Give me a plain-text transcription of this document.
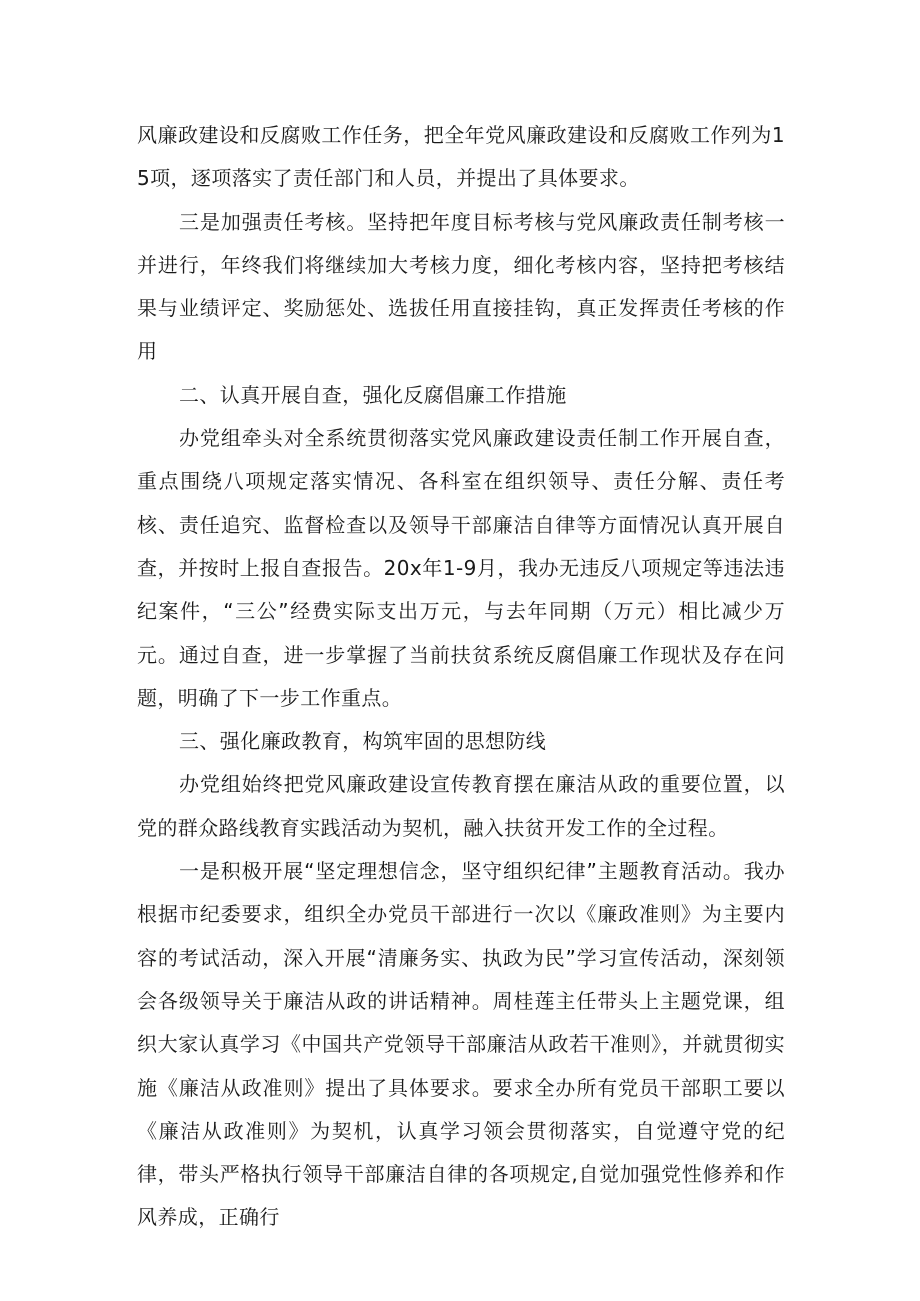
风廉政建设和反腐败工作任务，把全年党风廉政建设和反腐败工作列为15项，逐项落实了责任部门和人员，并提出了具体要求。

三是加强责任考核。坚持把年度目标考核与党风廉政责任制考核一并进行，年终我们将继续加大考核力度，细化考核内容，坚持把考核结果与业绩评定、奖励惩处、选拔任用直接挂钩，真正发挥责任考核的作用

二、认真开展自查，强化反腐倡廉工作措施

办党组牵头对全系统贯彻落实党风廉政建设责任制工作开展自查，重点围绕八项规定落实情况、各科室在组织领导、责任分解、责任考核、责任追究、监督检查以及领导干部廉洁自律等方面情况认真开展自查，并按时上报自查报告。20x年1-9月，我办无违反八项规定等违法违纪案件，“三公”经费实际支出万元，与去年同期（万元）相比减少万元。通过自查，进一步掌握了当前扶贫系统反腐倡廉工作现状及存在问题，明确了下一步工作重点。

三、强化廉政教育，构筑牢固的思想防线

办党组始终把党风廉政建设宣传教育摆在廉洁从政的重要位置，以党的群众路线教育实践活动为契机，融入扶贫开发工作的全过程。

一是积极开展“坚定理想信念，坚守组织纪律”主题教育活动。我办根据市纪委要求，组织全办党员干部进行一次以《廉政准则》为主要内容的考试活动，深入开展“清廉务实、执政为民”学习宣传活动，深刻领会各级领导关于廉洁从政的讲话精神。周桂莲主任带头上主题党课，组织大家认真学习《中国共产党领导干部廉洁从政若干准则》，并就贯彻实施《廉洁从政准则》提出了具体要求。要求全办所有党员干部职工要以《廉洁从政准则》为契机，认真学习领会贯彻落实，自觉遵守党的纪律，带头严格执行领导干部廉洁自律的各项规定,自觉加强党性修养和作风养成，正确行
